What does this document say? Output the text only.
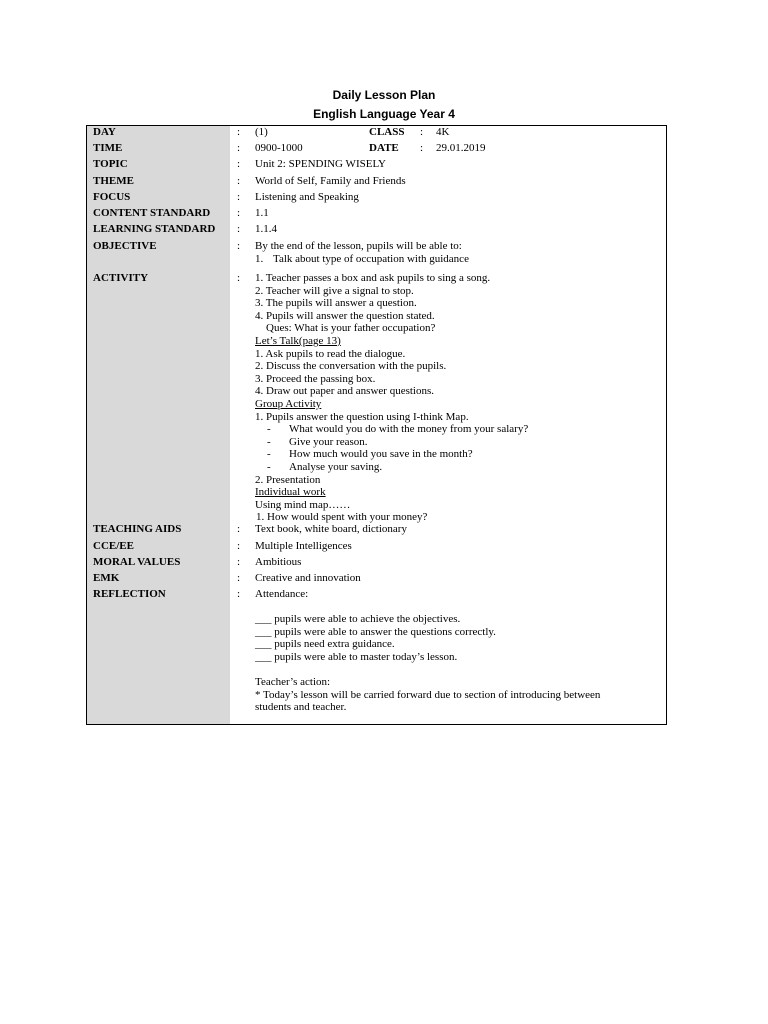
Daily Lesson Plan
English Language Year 4
DAY	: (1)	CLASS : 4K
TIME	: 0900-1000	DATE : 29.01.2019
TOPIC	: Unit 2: SPENDING WISELY
THEME	: World of Self, Family and Friends
FOCUS	: Listening and Speaking
CONTENT STANDARD : 1.1
LEARNING STANDARD : 1.1.4
OBJECTIVE	: By the end of the lesson, pupils will be able to:
1. Talk about type of occupation with guidance
ACTIVITY	: 1. Teacher passes a box and ask pupils to sing a song.
2. Teacher will give a signal to stop.
3. The pupils will answer a question.
4. Pupils will answer the question stated.
Ques: What is your father occupation?
Let’s Talk(page 13)
1. Ask pupils to read the dialogue.
2. Discuss the conversation with the pupils.
3. Proceed the passing box.
4. Draw out paper and answer questions.
Group Activity
1. Pupils answer the question using I-think Map.
- What would you do with the money from your salary?
- Give your reason.
- How much would you save in the month?
- Analyse your saving.
2. Presentation
Individual work
Using mind map……
1. How would spent with your money?
TEACHING AIDS	: Text book, white board, dictionary
CCE/EE	: Multiple Intelligences
MORAL VALUES	: Ambitious
EMK	: Creative and innovation
REFLECTION	: Attendance:
___ pupils were able to achieve the objectives.
___ pupils were able to answer the questions correctly.
___ pupils need extra guidance.
___ pupils were able to master today’s lesson.
Teacher’s action:
* Today’s lesson will be carried forward due to section of introducing between
students and teacher.
